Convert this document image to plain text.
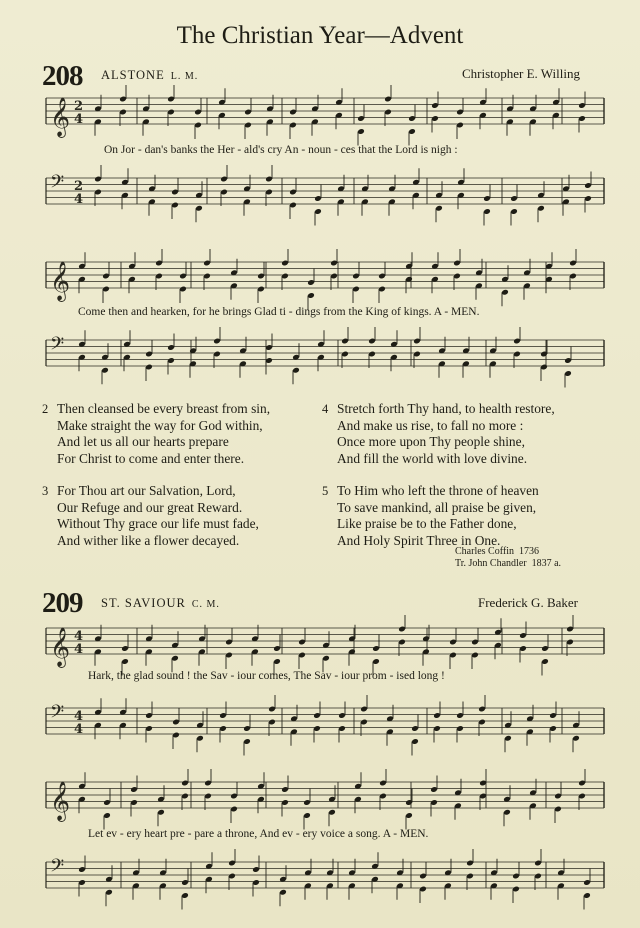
The Christian Year—Advent
208 ALSTONE L. M.	Christopher E. Willing
𝄞 2
4
On Jor - dan's banks the Her - ald's cry An - noun - ces that the Lord is nigh :
𝄢 2
4
𝄞
Come then and hearken, for he brings Glad ti - dings from the King of kings. A - MEN.
𝄢
2 Then cleansed be every breast from sin,
Make straight the way for God within,
And let us all our hearts prepare
For Christ to come and enter there.
3 For Thou art our Salvation, Lord,
Our Refuge and our great Reward.
Without Thy grace our life must fade,
And wither like a flower decayed.
4 Stretch forth Thy hand, to health restore,
And make us rise, to fall no more :
Once more upon Thy people shine,
And fill the world with love divine.
5 To Him who left the throne of heaven
To save mankind, all praise be given,
Like praise be to the Father done,
And Holy Spirit Three in One.
Charles Coffin 1736
Tr. John Chandler 1837 a.
209 ST. SAVIOUR C. M.	Frederick G. Baker
𝄞 4
4
Hark, the glad sound ! the Sav - iour comes, The Sav - iour prom - ised long !
𝄢 4
4
𝄞
Let ev - ery heart pre - pare a throne, And ev - ery voice a song. A - MEN.
𝄢
